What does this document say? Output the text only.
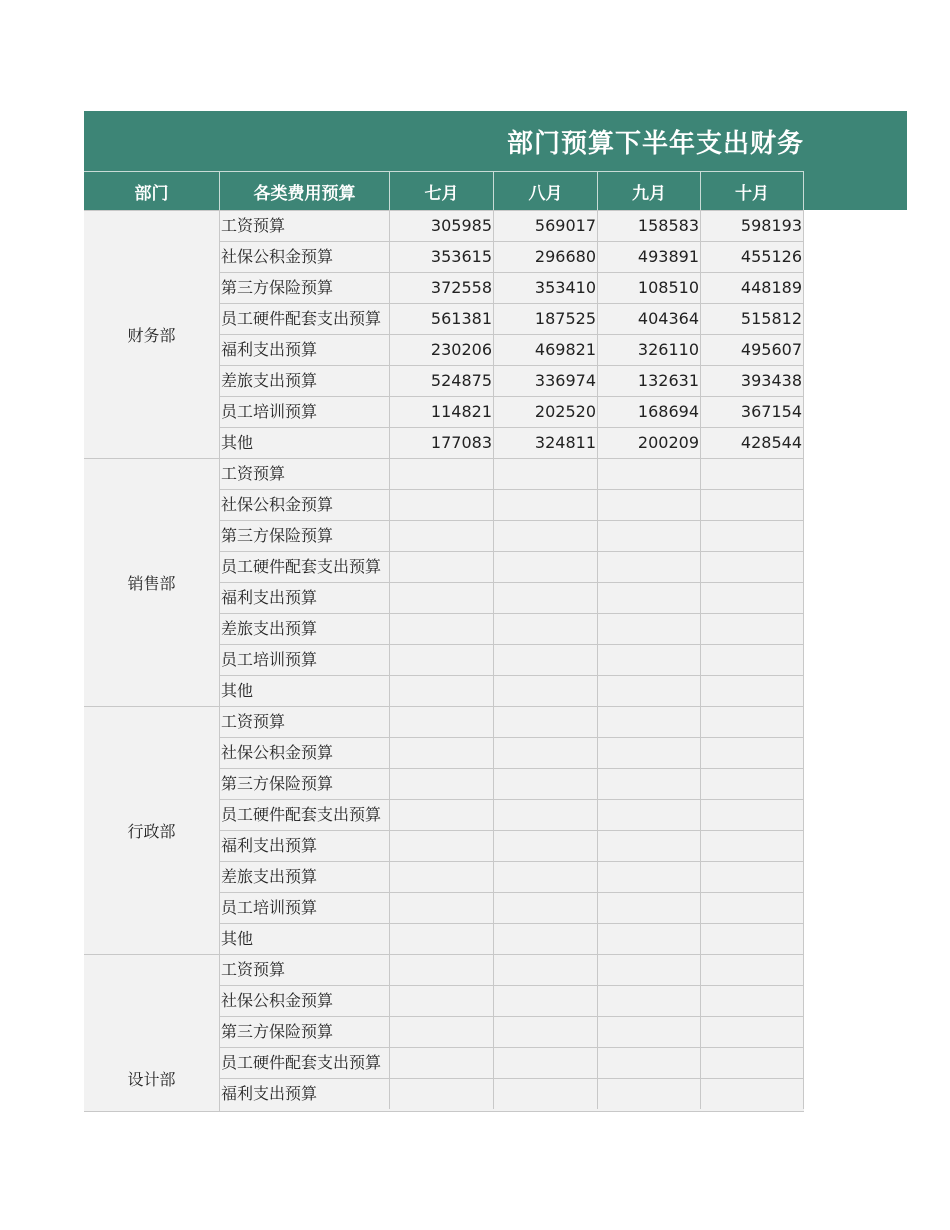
部门预算下半年支出财务
部门	各类费用预算	七月	八月	九月	十月
财务部
工资预算	305985	569017	158583	598193
社保公积金预算	353615	296680	493891	455126
第三方保险预算	372558	353410	108510	448189
员工硬件配套支出预算	561381	187525	404364	515812
福利支出预算	230206	469821	326110	495607
差旅支出预算	524875	336974	132631	393438
员工培训预算	114821	202520	168694	367154
其他	177083	324811	200209	428544
销售部
工资预算
社保公积金预算
第三方保险预算
员工硬件配套支出预算
福利支出预算
差旅支出预算
员工培训预算
其他
行政部
工资预算
社保公积金预算
第三方保险预算
员工硬件配套支出预算
福利支出预算
差旅支出预算
员工培训预算
其他
设计部
工资预算
社保公积金预算
第三方保险预算
员工硬件配套支出预算
福利支出预算
